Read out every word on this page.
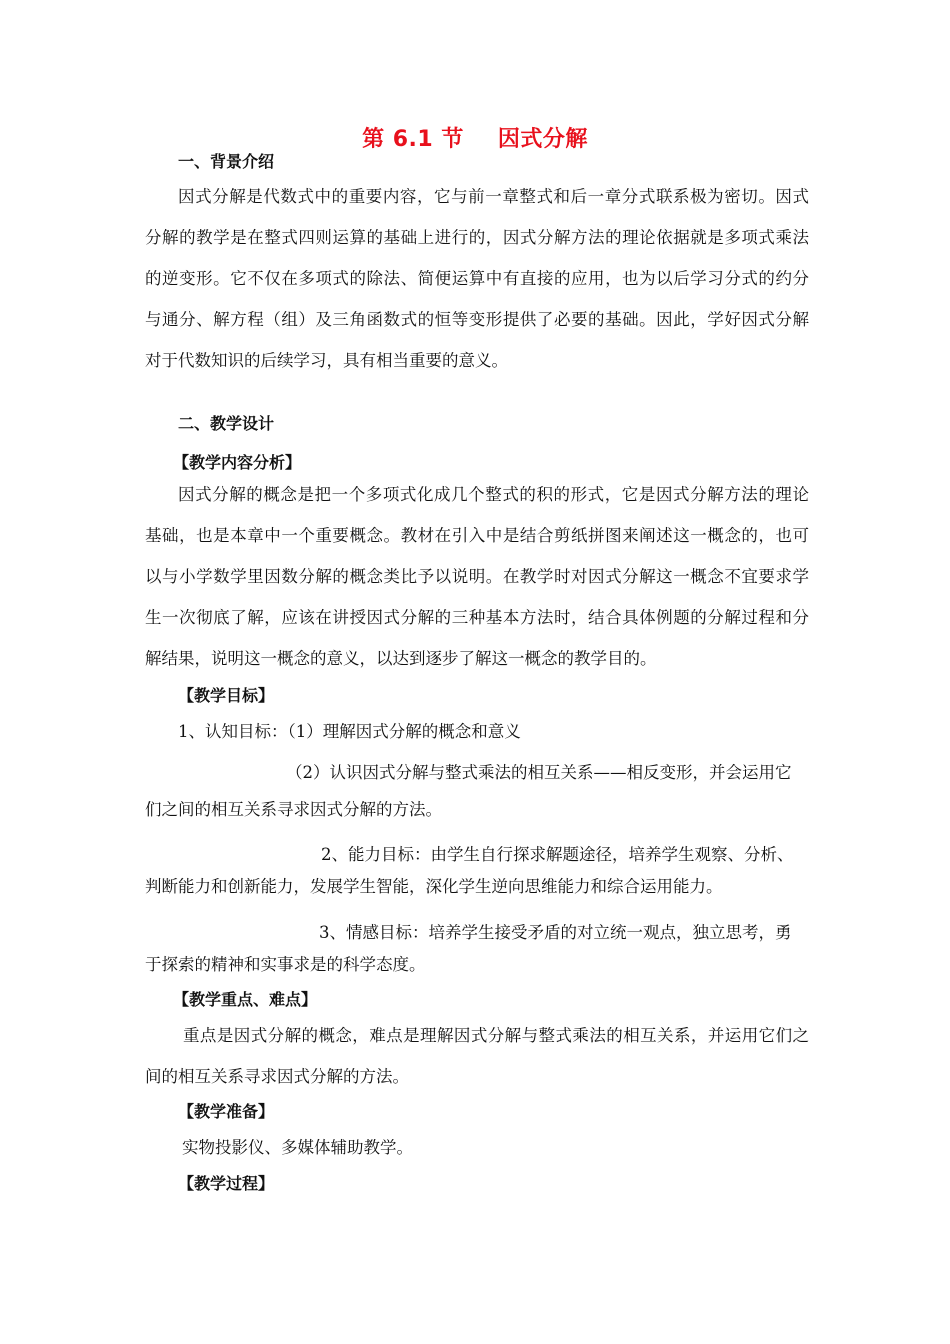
第 6.1 节 因式分解
一、背景介绍
因式分解是代数式中的重要内容，它与前一章整式和后一章分式联系极为密切。因式
分解的教学是在整式四则运算的基础上进行的，因式分解方法的理论依据就是多项式乘法
的逆变形。它不仅在多项式的除法、简便运算中有直接的应用，也为以后学习分式的约分
与通分、解方程（组）及三角函数式的恒等变形提供了必要的基础。因此，学好因式分解
对于代数知识的后续学习，具有相当重要的意义。
二、教学设计
【教学内容分析】
因式分解的概念是把一个多项式化成几个整式的积的形式，它是因式分解方法的理论
基础，也是本章中一个重要概念。教材在引入中是结合剪纸拼图来阐述这一概念的，也可
以与小学数学里因数分解的概念类比予以说明。在教学时对因式分解这一概念不宜要求学
生一次彻底了解，应该在讲授因式分解的三种基本方法时，结合具体例题的分解过程和分
解结果，说明这一概念的意义，以达到逐步了解这一概念的教学目的。
【教学目标】
1、认知目标：（1）理解因式分解的概念和意义
（2）认识因式分解与整式乘法的相互关系——相反变形，并会运用它
们之间的相互关系寻求因式分解的方法。
2、能力目标：由学生自行探求解题途径，培养学生观察、分析、
判断能力和创新能力，发展学生智能，深化学生逆向思维能力和综合运用能力。
3、情感目标：培养学生接受矛盾的对立统一观点，独立思考，勇
于探索的精神和实事求是的科学态度。
【教学重点、难点】
重点是因式分解的概念，难点是理解因式分解与整式乘法的相互关系，并运用它们之
间的相互关系寻求因式分解的方法。
【教学准备】
实物投影仪、多媒体辅助教学。
【教学过程】
